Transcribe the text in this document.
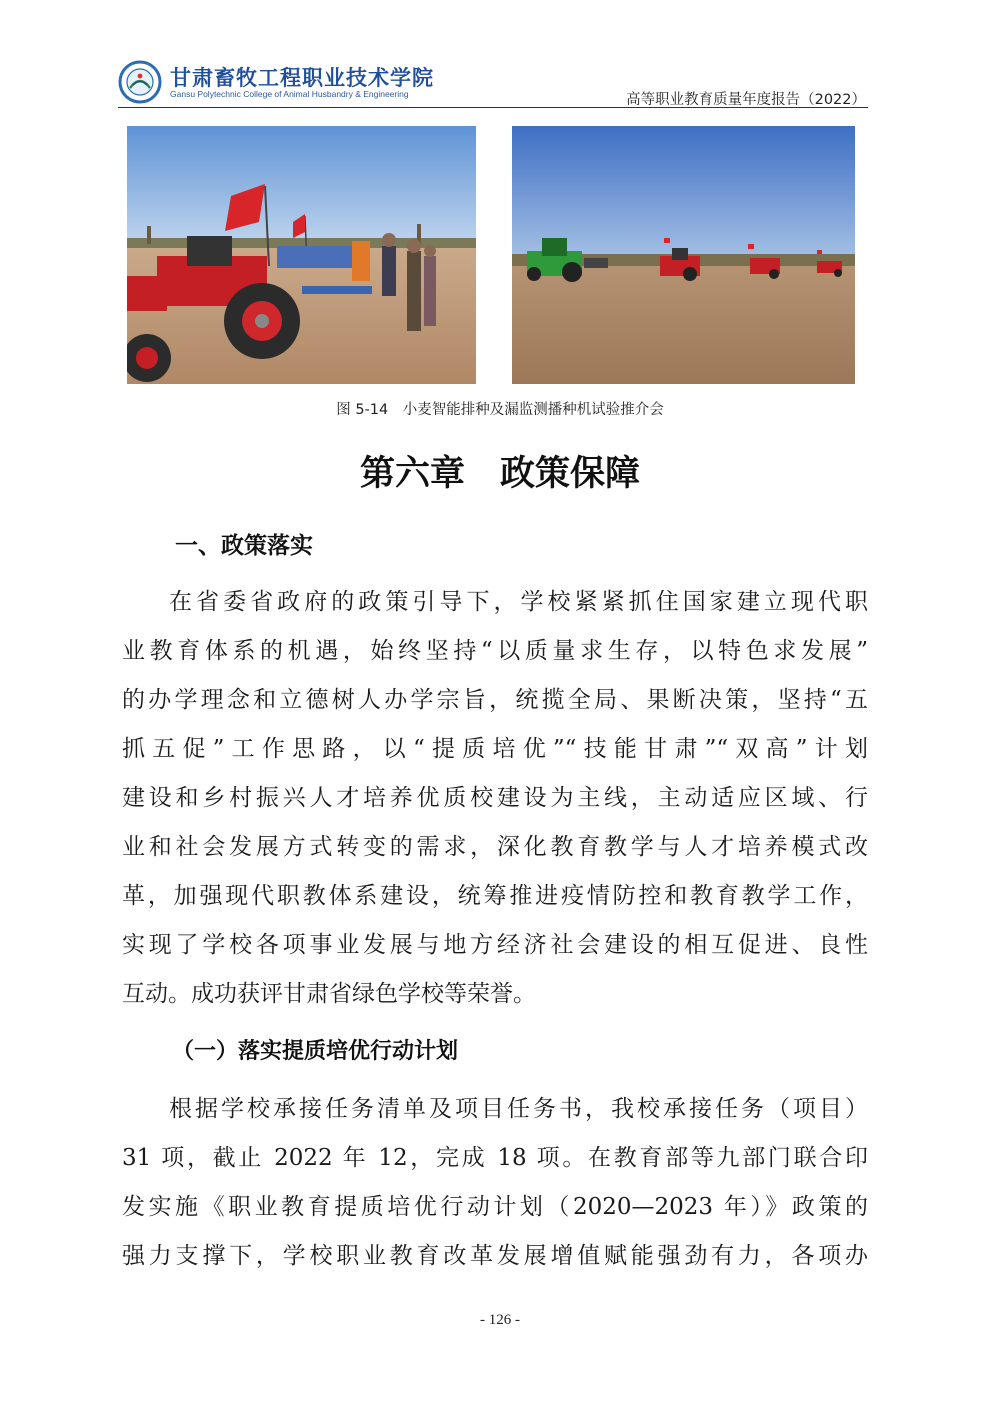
甘肃畜牧工程职业技术学院
Gansu Polytechnic College of Animal Husbandry & Engineering	高等职业教育质量年度报告（2022）
图 5-14　小麦智能排种及漏监测播种机试验推介会
第六章　政策保障
一、政策落实
在省委省政府的政策引导下，学校紧紧抓住国家建立现代职
业教育体系的机遇，始终坚持“以质量求生存，以特色求发展”
的办学理念和立德树人办学宗旨，统揽全局、果断决策，坚持“五
抓五促”工作思路，以“提质培优”“技能甘肃”“双高”计划
建设和乡村振兴人才培养优质校建设为主线，主动适应区域、行
业和社会发展方式转变的需求，深化教育教学与人才培养模式改
革，加强现代职教体系建设，统筹推进疫情防控和教育教学工作，
实现了学校各项事业发展与地方经济社会建设的相互促进、良性
互动。成功获评甘肃省绿色学校等荣誉。
（一）落实提质培优行动计划
根据学校承接任务清单及项目任务书，我校承接任务（项目）
31 项，截止 2022 年 12，完成 18 项。在教育部等九部门联合印
发实施《职业教育提质培优行动计划（2020—2023 年）》政策的
强力支撑下，学校职业教育改革发展增值赋能强劲有力，各项办
- 126 -
